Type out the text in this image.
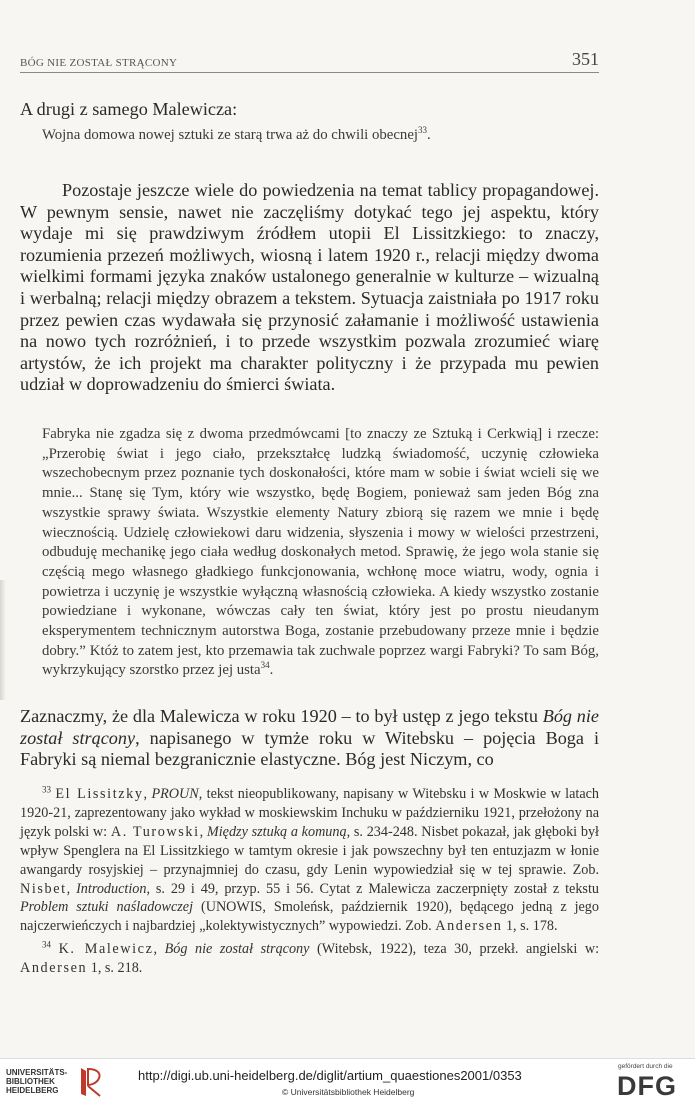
BÓG NIE ZOSTAŁ STRĄCONY	351
A drugi z samego Malewicza:
Wojna domowa nowej sztuki ze starą trwa aż do chwili obecnej$^{33}$.
Pozostaje jeszcze wiele do powiedzenia na temat tablicy propagandowej. W pewnym sensie, nawet nie zaczęliśmy dotykać tego jej aspektu, który wydaje mi się prawdziwym źródłem utopii El Lissitzkiego: to znaczy, rozumienia przezeń możliwych, wiosną i latem 1920 r., relacji między dwoma wielkimi formami języka znaków ustalonego generalnie w kulturze – wizualną i werbalną; relacji między obrazem a tekstem. Sytuacja zaistniała po 1917 roku przez pewien czas wydawała się przynosić załamanie i możliwość ustawienia na nowo tych rozróżnień, i to przede wszystkim pozwala zrozumieć wiarę artystów, że ich projekt ma charakter polityczny i że przypada mu pewien udział w doprowadzeniu do śmierci świata.
Fabryka nie zgadza się z dwoma przedmówcami [to znaczy ze Sztuką i Cerkwią] i rzecze: „Przerobię świat i jego ciało, przekształcę ludzką świadomość, uczynię człowieka wszechobecnym przez poznanie tych doskonałości, które mam w sobie i świat wcieli się we mnie... Stanę się Tym, który wie wszystko, będę Bogiem, ponieważ sam jeden Bóg zna wszystkie sprawy świata. Wszystkie elementy Natury zbiorą się razem we mnie i będę wiecznością. Udzielę człowiekowi daru widzenia, słyszenia i mowy w wielości przestrzeni, odbuduję mechanikę jego ciała według doskonałych metod. Sprawię, że jego wola stanie się częścią mego własnego gładkiego funkcjonowania, wchłonę moce wiatru, wody, ognia i powietrza i uczynię je wszystkie wyłączną własnością człowieka. A kiedy wszystko zostanie powiedziane i wykonane, wówczas cały ten świat, który jest po prostu nieudanym eksperymentem technicznym autorstwa Boga, zostanie przebudowany przeze mnie i będzie dobry.” Któż to zatem jest, kto przemawia tak zuchwale poprzez wargi Fabryki? To sam Bóg, wykrzykujący szorstko przez jej usta$^{34}$.
Zaznaczmy, że dla Malewicza w roku 1920 – to był ustęp z jego tekstu Bóg nie został strącony, napisanego w tymże roku w Witebsku – pojęcia Boga i Fabryki są niemal bezgranicznie elastyczne. Bóg jest Niczym, co
$^{33}$ El Lissitzky, PROUN, tekst nieopublikowany, napisany w Witebsku i w Moskwie w latach 1920-21, zaprezentowany jako wykład w moskiewskim Inchuku w październiku 1921, przełożony na język polski w: A. Turowski, Między sztuką a komuną, s. 234-248. Nisbet pokazał, jak głęboki był wpływ Spenglera na El Lissitzkiego w tamtym okresie i jak powszechny był ten entuzjazm w łonie awangardy rosyjskiej – przynajmniej do czasu, gdy Lenin wypowiedział się w tej sprawie. Zob. Nisbet, Introduction, s. 29 i 49, przyp. 55 i 56. Cytat z Malewicza zaczerpnięty został z tekstu Problem sztuki naśladowczej (UNOWIS, Smoleńsk, październik 1920), będącego jedną z jego najczerwieńczych i najbardziej „kolektywistycznych” wypowiedzi. Zob. Andersen 1, s. 178.
$^{34}$ K. Malewicz, Bóg nie został strącony (Witebsk, 1922), teza 30, przekł. angielski w: Andersen 1, s. 218.
UNIVERSITÄTS-
BIBLIOTHEK
HEIDELBERG
http://digi.ub.uni-heidelberg.de/diglit/artium_quaestiones2001/0353
© Universitätsbibliothek Heidelberg
gefördert durch die
DFG
